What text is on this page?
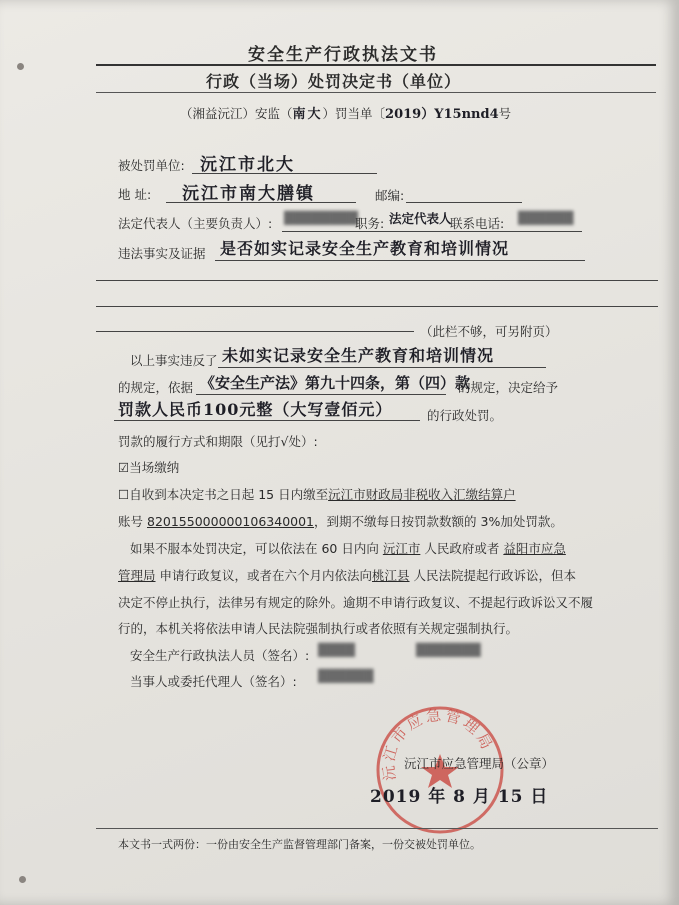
安全生产行政执法文书
行政（当场）处罚决定书（单位）
（湘益沅江）安监（南大）罚当单〔2019）Y15nnd4号
被处罚单位: 沅江市北大
地 址: 沅江市南大膳镇	邮编:
法定代表人（主要负责人）: ████████
职务: 法定代表人
联系电话: ██████
违法事实及证据 是否如实记录安全生产教育和培训情况
（此栏不够，可另附页）
以上事实违反了 未如实记录安全生产教育和培训情况
的规定，依据 《安全生产法》第九十四条，第（四）款
的规定，决定给予
罚款人民币100元整（大写壹佰元）	的行政处罚。
罚款的履行方式和期限（见打√处）:
☑当场缴纳
☐自收到本决定书之日起 15 日内缴至沅江市财政局非税收入汇缴结算户
账号 820155000000106340001，到期不缴每日按罚款数额的 3%加处罚款。
如果不服本处罚决定，可以依法在 60 日内向 沅江市 人民政府或者 益阳市应急
管理局 申请行政复议，或者在六个月内依法向桃江县 人民法院提起行政诉讼，但本
决定不停止执行，法律另有规定的除外。逾期不申请行政复议、不提起行政诉讼又不履
行的，本机关将依法申请人民法院强制执行或者依照有关规定强制执行。
安全生产行政执法人员（签名）: ████	███████
当事人或委托代理人（签名）: ██████
沅江市应急管理局
沅江市应急管理局（公章）
2019 年 8 月 15 日
本文书一式两份：一份由安全生产监督管理部门备案，一份交被处罚单位。
